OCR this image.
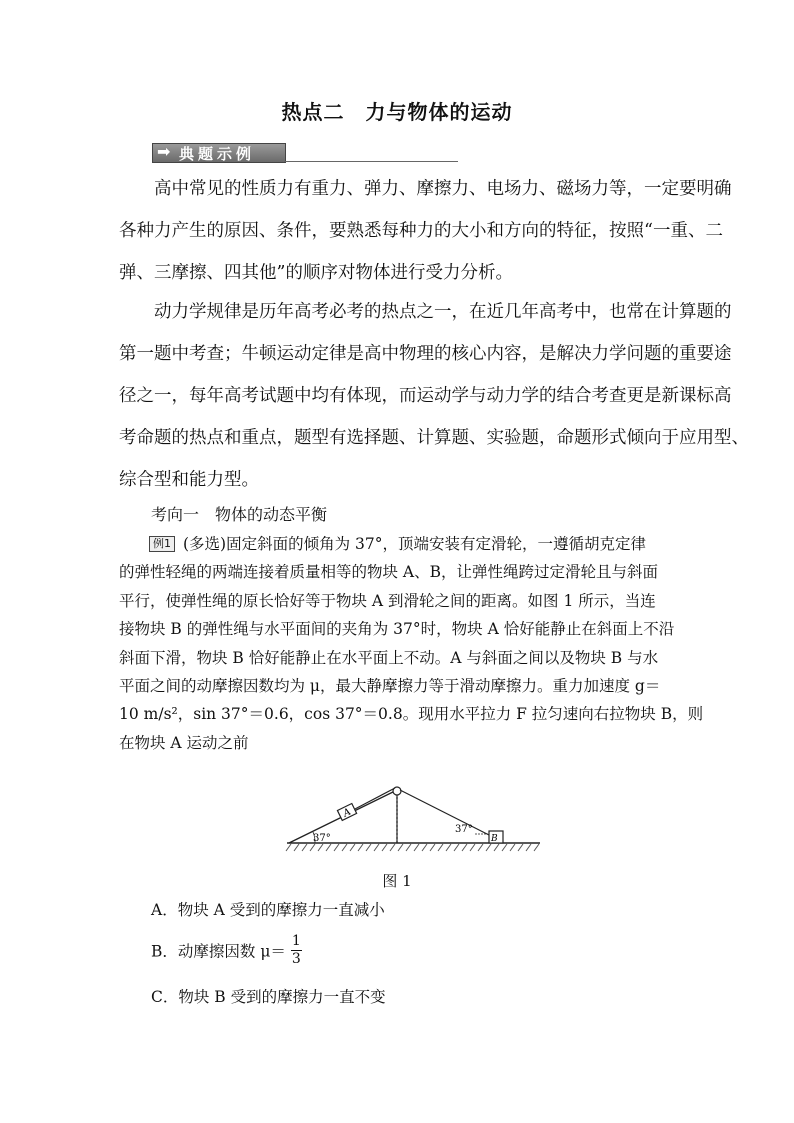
热点二　力与物体的运动
➡ 典题示例
高中常见的性质力有重力、弹力、摩擦力、电场力、磁场力等，一定要明确
各种力产生的原因、条件，要熟悉每种力的大小和方向的特征，按照“一重、二
弹、三摩擦、四其他”的顺序对物体进行受力分析。
动力学规律是历年高考必考的热点之一，在近几年高考中，也常在计算题的
第一题中考查；牛顿运动定律是高中物理的核心内容，是解决力学问题的重要途
径之一，每年高考试题中均有体现，而运动学与动力学的结合考查更是新课标高
考命题的热点和重点，题型有选择题、计算题、实验题，命题形式倾向于应用型、
综合型和能力型。
考向一　物体的动态平衡
例1 (多选)固定斜面的倾角为 37°，顶端安装有定滑轮，一遵循胡克定律
的弹性轻绳的两端连接着质量相等的物块 A、B，让弹性绳跨过定滑轮且与斜面
平行，使弹性绳的原长恰好等于物块 A 到滑轮之间的距离。如图 1 所示，当连
接物块 B 的弹性绳与水平面间的夹角为 37°时，物块 A 恰好能静止在斜面上不沿
斜面下滑，物块 B 恰好能静止在水平面上不动。A 与斜面之间以及物块 B 与水
平面之间的动摩擦因数均为 μ，最大静摩擦力等于滑动摩擦力。重力加速度 g＝
10 m/s²，sin 37°＝0.6，cos 37°＝0.8。现用水平拉力 F 拉匀速向右拉物块 B，则
在物块 A 运动之前
A
B
37°
37°
图 1
A．物块 A 受到的摩擦力一直减小
B．动摩擦因数 $\mu= \frac{1}{3}$
C．物块 B 受到的摩擦力一直不变
